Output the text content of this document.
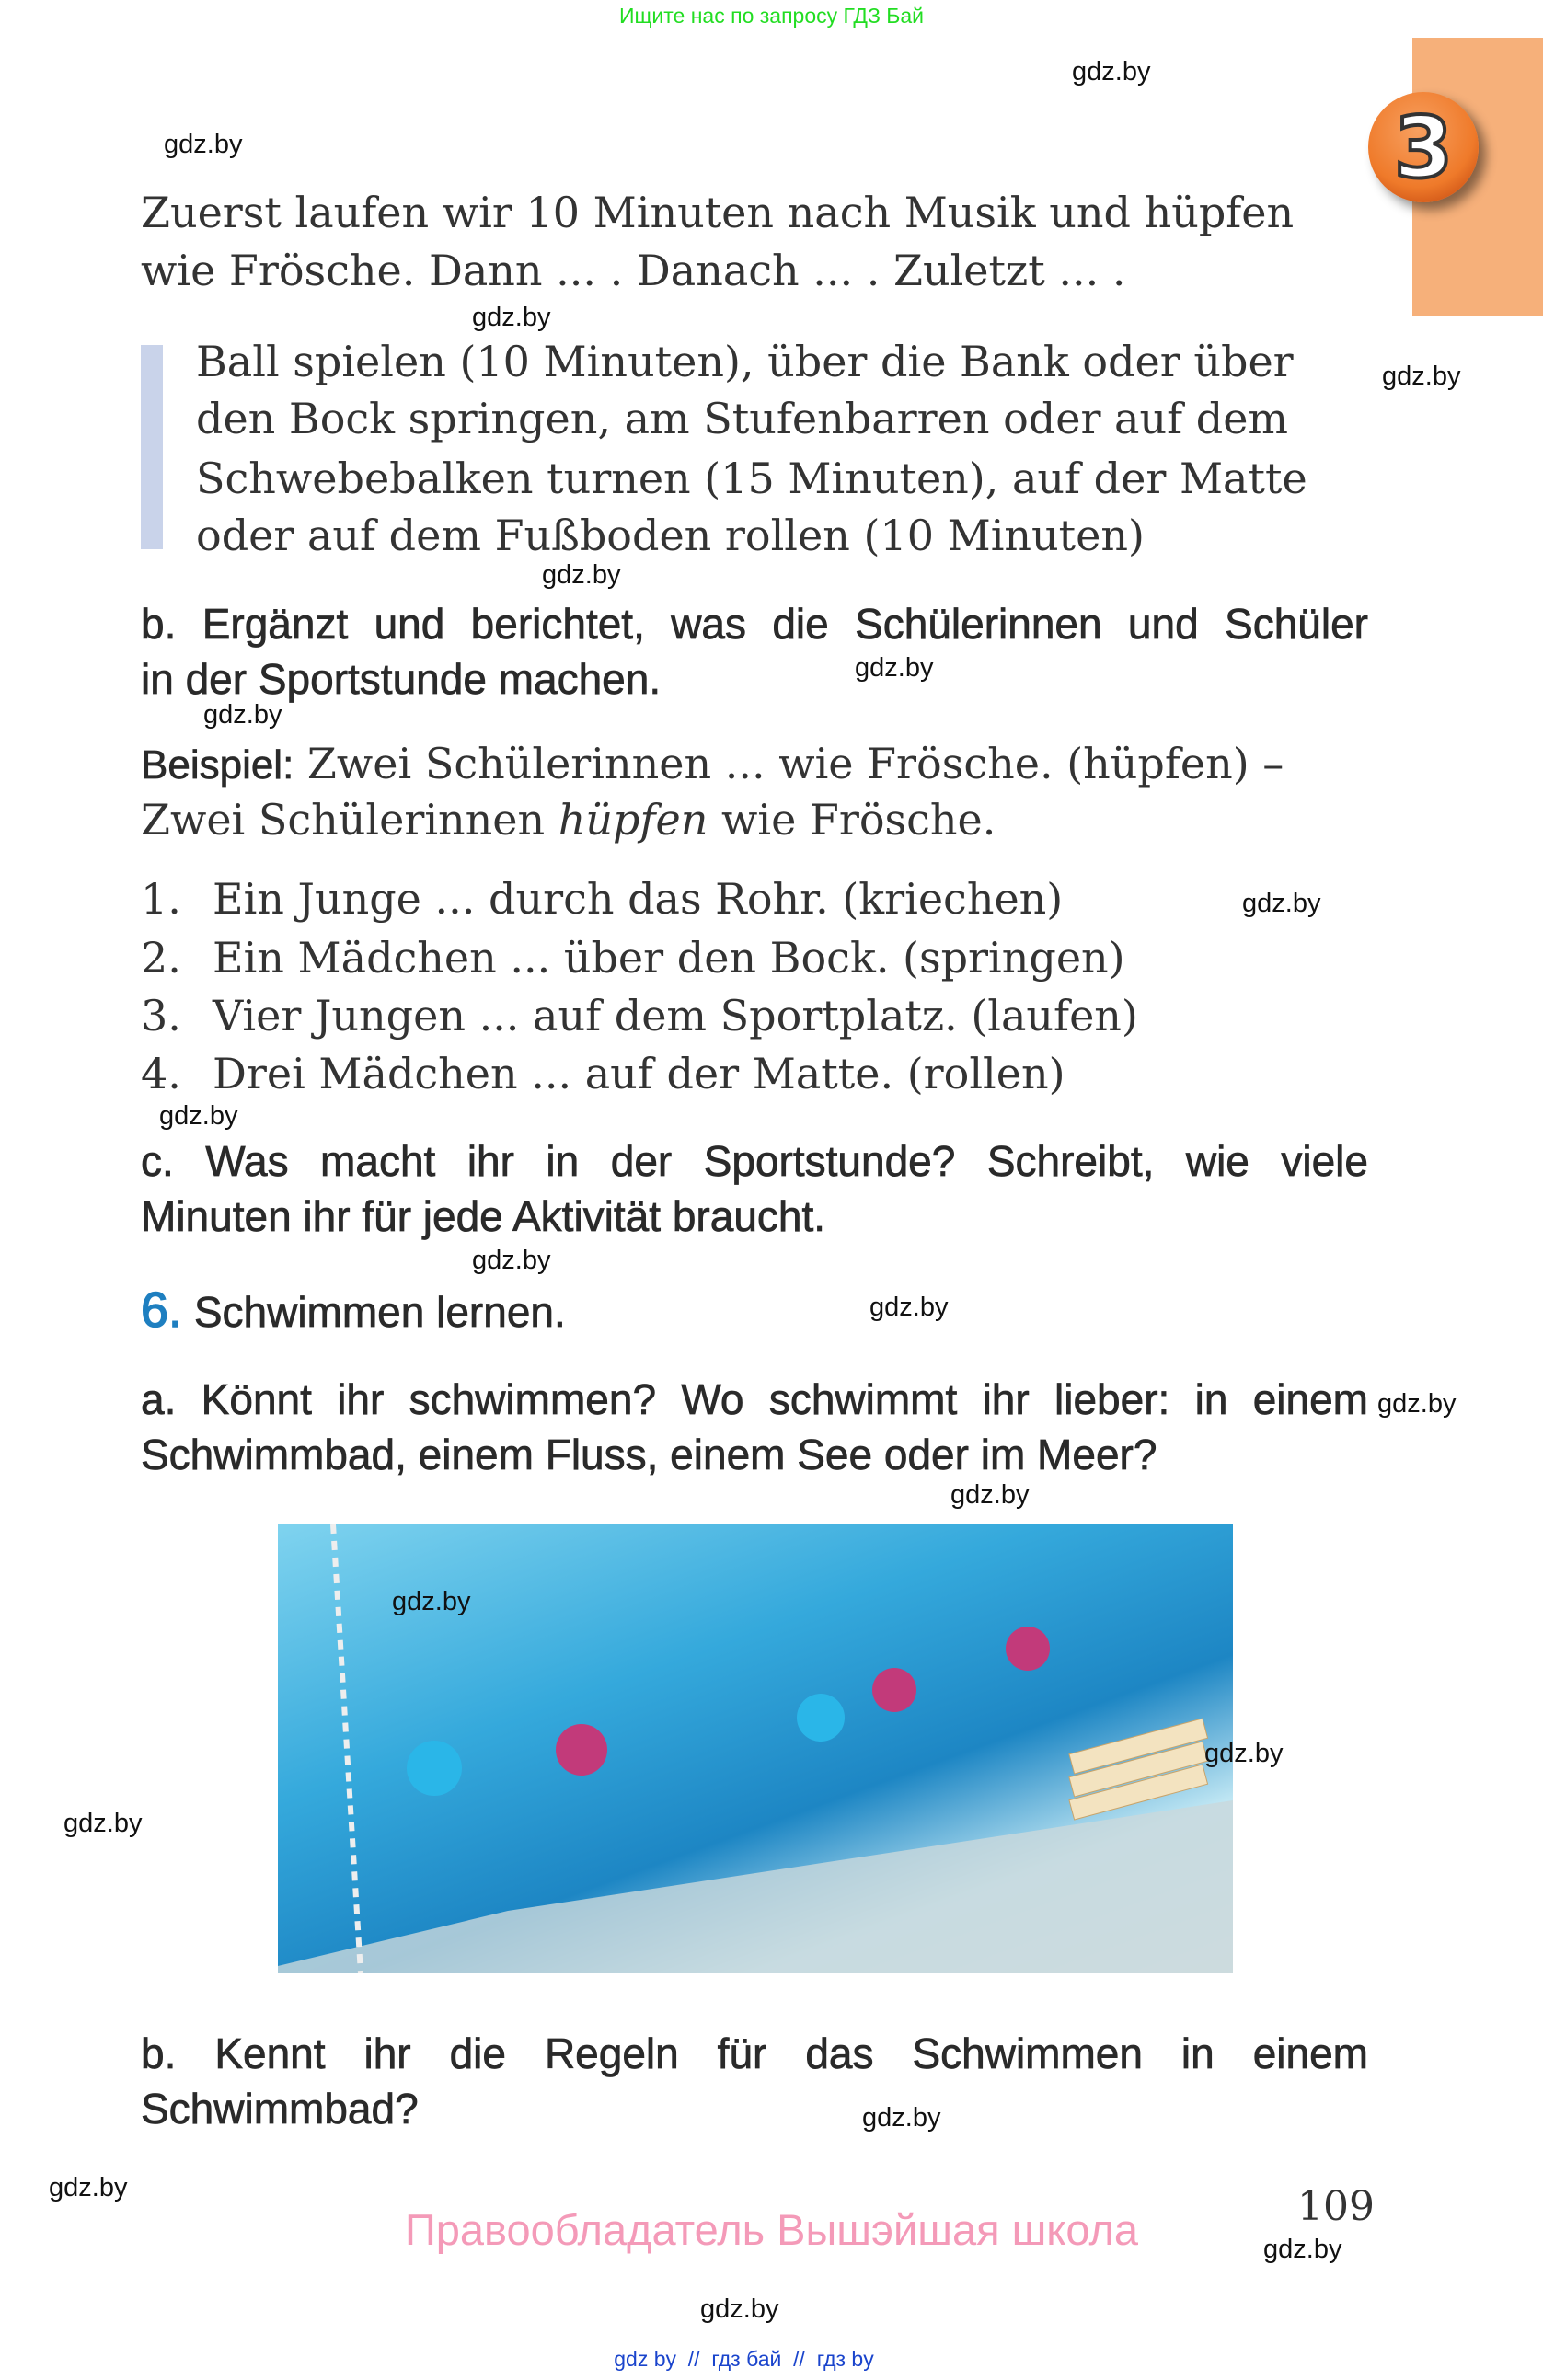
Ищите нас по запросу ГДЗ Бай
3
Zuerst laufen wir 10 Minuten nach Musik und hüpfen
wie Frösche. Dann ... . Danach ... . Zuletzt ... .
Ball spielen (10 Minuten), über die Bank oder über
den Bock springen, am Stufenbarren oder auf dem
Schwebebalken turnen (15 Minuten), auf der Matte
oder auf dem Fußboden rollen (10 Minuten)
b. Ergänzt und berichtet, was die Schülerinnen und Schüler
in der Sportstunde machen.
Beispiel: Zwei Schülerinnen ... wie Frösche. (hüpfen) –
Zwei Schülerinnen hüpfen wie Frösche.
1. Ein Junge ... durch das Rohr. (kriechen)
2. Ein Mädchen ... über den Bock. (springen)
3. Vier Jungen ... auf dem Sportplatz. (laufen)
4. Drei Mädchen ... auf der Matte. (rollen)
c. Was macht ihr in der Sportstunde? Schreibt, wie viele
Minuten ihr für jede Aktivität braucht.
6. Schwimmen lernen.
a. Könnt ihr schwimmen? Wo schwimmt ihr lieber: in einem
Schwimmbad, einem Fluss, einem See oder im Meer?
b. Kennt ihr die Regeln für das Schwimmen in einem
Schwimmbad?
109
Правообладатель Вышэйшая школа
gdz by  //  гдз бай  //  гдз by
gdz.by
gdz.by
gdz.by
gdz.by
gdz.by
gdz.by
gdz.by
gdz.by
gdz.by
gdz.by
gdz.by
gdz.by
gdz.by
gdz.by
gdz.by
gdz.by
gdz.by
gdz.by
gdz.by
gdz.by
